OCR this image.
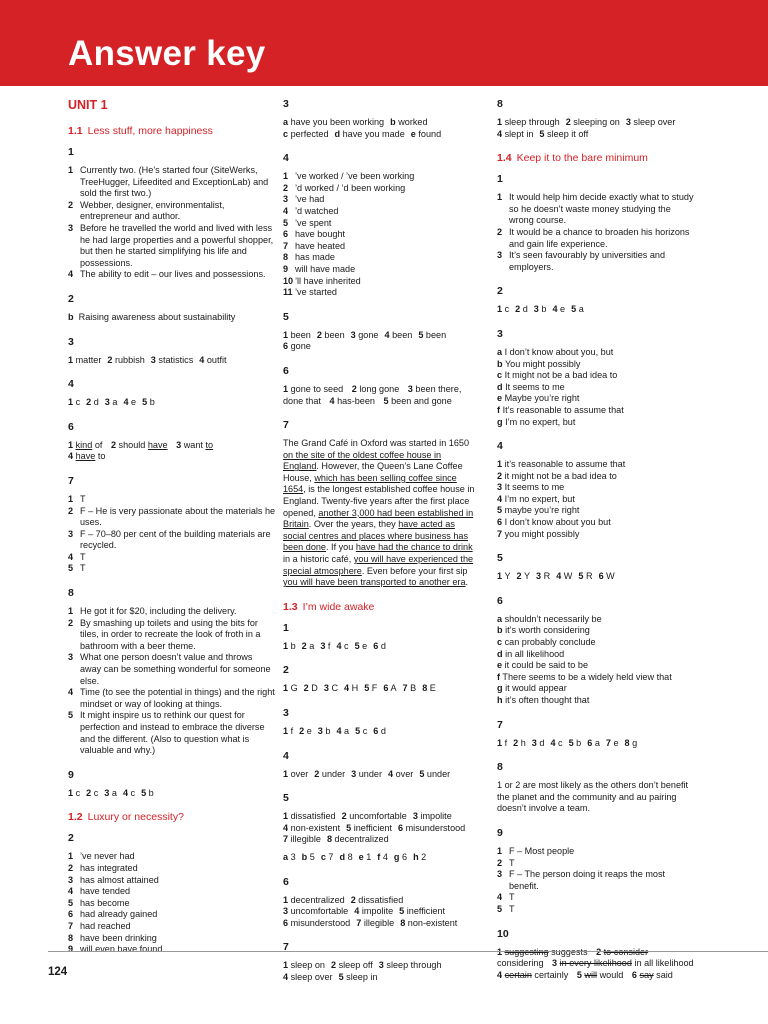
Answer key
UNIT 1
1.1 Less stuff, more happiness
1
1 Currently two. (He’s started four (SiteWerks, TreeHugger, Lifeedited and ExceptionLab) and sold the first two.)
2 Webber, designer, environmentalist, entrepreneur and author.
3 Before he travelled the world and lived with less he had large properties and a powerful shopper, but then he started simplifying his life and possessions.
4 The ability to edit – our lives and possessions.
2
b Raising awareness about sustainability
3
1 matter 2 rubbish 3 statistics 4 outfit
4
1 c 2 d 3 a 4 e 5 b
6
1 kind of 2 should have 3 want to
4 have to
7
1 T
2 F – He is very passionate about the materials he uses.
3 F – 70–80 per cent of the building materials are recycled.
4 T
5 T
8
1 He got it for $20, including the delivery.
2 By smashing up toilets and using the bits for tiles, in order to recreate the look of froth in a bathroom with a beer theme.
3 What one person doesn’t value and throws away can be something wonderful for someone else.
4 Time (to see the potential in things) and the right mindset or way of looking at things.
5 It might inspire us to rethink our quest for perfection and instead to embrace the diverse and the different. (Also to question what is valuable and why.)
9
1 c 2 c 3 a 4 c 5 b
1.2 Luxury or necessity?
2
1 ’ve never had
2 has integrated
3 has almost attained
4 have tended
5 has become
6 had already gained
7 had reached
8 have been drinking
9 will even have found
3
a have you been working b worked
c perfected d have you made e found
4
1 ’ve worked / ’ve been working
2 ’d worked / ’d been working
3 ’ve had
4 ’d watched
5 ’ve spent
6 have bought
7 have heated
8 has made
9 will have made
10 ’ll have inherited
11 ’ve started
5
1 been 2 been 3 gone 4 been 5 been
6 gone
6
1 gone to seed 2 long gone 3 been there, done that 4 has-been 5 been and gone
7
The Grand Café in Oxford was started in 1650 on the site of the oldest coffee house in England. However, the Queen’s Lane Coffee House, which has been selling coffee since 1654, is the longest established coffee house in England. Twenty-five years after the first place opened, another 3,000 had been established in Britain. Over the years, they have acted as social centres and places where business has been done. If you have had the chance to drink in a historic café, you will have experienced the special atmosphere. Even before your first sip you will have been transported to another era.
1.3 I’m wide awake
1
1 b 2 a 3 f 4 c 5 e 6 d
2
1 G 2 D 3 C 4 H 5 F 6 A 7 B 8 E
3
1 f 2 e 3 b 4 a 5 c 6 d
4
1 over 2 under 3 under 4 over 5 under
5
1 dissatisfied 2 uncomfortable 3 impolite
4 non-existent 5 inefficient 6 misunderstood
7 illegible 8 decentralized
a 3 b 5 c 7 d 8 e 1 f 4 g 6 h 2
6
1 decentralized 2 dissatisfied
3 uncomfortable 4 impolite 5 inefficient
6 misunderstood 7 illegible 8 non-existent
7
1 sleep on 2 sleep off 3 sleep through
4 sleep over 5 sleep in
8
1 sleep through 2 sleeping on 3 sleep over
4 slept in 5 sleep it off
1.4 Keep it to the bare minimum
1
1 It would help him decide exactly what to study so he doesn’t waste money studying the wrong course.
2 It would be a chance to broaden his horizons and gain life experience.
3 It’s seen favourably by universities and employers.
2
1 c 2 d 3 b 4 e 5 a
3
a I don’t know about you, but
b You might possibly
c It might not be a bad idea to
d It seems to me
e Maybe you’re right
f It’s reasonable to assume that
g I’m no expert, but
4
1 it’s reasonable to assume that
2 it might not be a bad idea to
3 It seems to me
4 I’m no expert, but
5 maybe you’re right
6 I don’t know about you but
7 you might possibly
5
1 Y 2 Y 3 R 4 W 5 R 6 W
6
a shouldn’t necessarily be
b it’s worth considering
c can probably conclude
d in all likelihood
e it could be said to be
f There seems to be a widely held view that
g it would appear
h it’s often thought that
7
1 f 2 h 3 d 4 c 5 b 6 a 7 e 8 g
8
1 or 2 are most likely as the others don’t benefit the planet and the community and au pairing doesn’t involve a team.
9
1 F – Most people
2 T
3 F – The person doing it reaps the most benefit.
4 T
5 T
10
1 suggesting suggests 2 to consider
considering 3 in every likelihood in all likelihood
4 certain certainly 5 will would 6 say said
124
